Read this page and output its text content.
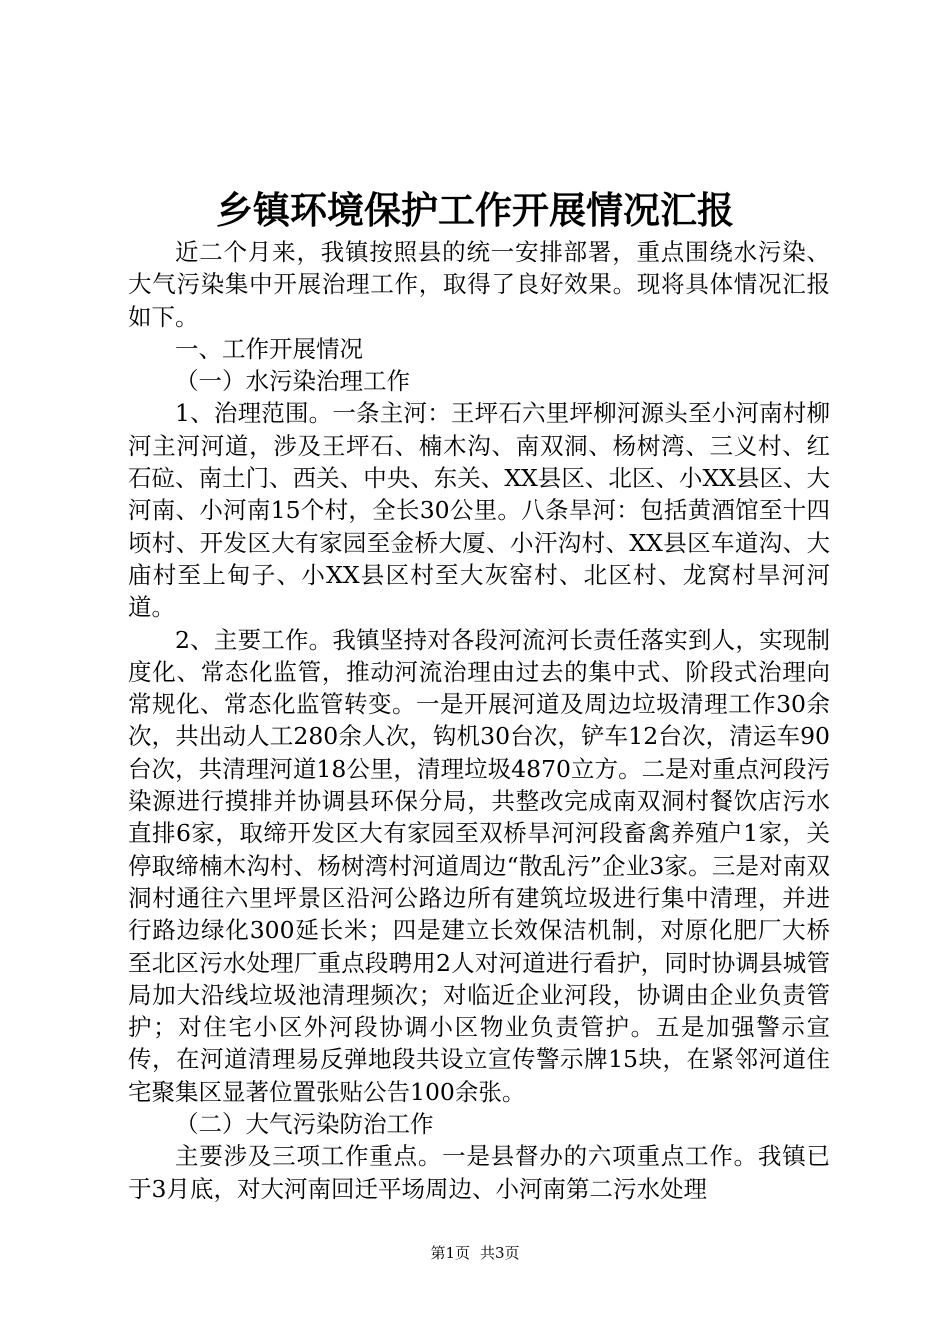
乡镇环境保护工作开展情况汇报

近二个月来，我镇按照县的统一安排部署，重点围绕水污染、大气污染集中开展治理工作，取得了良好效果。现将具体情况汇报如下。

一、工作开展情况

（一）水污染治理工作

1、治理范围。一条主河：王坪石六里坪柳河源头至小河南村柳河主河河道，涉及王坪石、楠木沟、南双洞、杨树湾、三义村、红石砬、南土门、西关、中央、东关、XX县区、北区、小XX县区、大河南、小河南15个村，全长30公里。八条旱河：包括黄酒馆至十四顷村、开发区大有家园至金桥大厦、小汗沟村、XX县区车道沟、大庙村至上甸子、小XX县区村至大灰窑村、北区村、龙窝村旱河河道。

2、主要工作。我镇坚持对各段河流河长责任落实到人，实现制度化、常态化监管，推动河流治理由过去的集中式、阶段式治理向常规化、常态化监管转变。一是开展河道及周边垃圾清理工作30余次，共出动人工280余人次，钩机30台次，铲车12台次，清运车90台次，共清理河道18公里，清理垃圾4870立方。二是对重点河段污染源进行摸排并协调县环保分局，共整改完成南双洞村餐饮店污水直排6家，取缔开发区大有家园至双桥旱河河段畜禽养殖户1家，关停取缔楠木沟村、杨树湾村河道周边“散乱污”企业3家。三是对南双洞村通往六里坪景区沿河公路边所有建筑垃圾进行集中清理，并进行路边绿化300延长米；四是建立长效保洁机制，对原化肥厂大桥至北区污水处理厂重点段聘用2人对河道进行看护，同时协调县城管局加大沿线垃圾池清理频次；对临近企业河段，协调由企业负责管护；对住宅小区外河段协调小区物业负责管护。五是加强警示宣传，在河道清理易反弹地段共设立宣传警示牌15块，在紧邻河道住宅聚集区显著位置张贴公告100余张。

（二）大气污染防治工作

主要涉及三项工作重点。一是县督办的六项重点工作。我镇已于3月底，对大河南回迁平场周边、小河南第二污水处理

第1页 共3页
